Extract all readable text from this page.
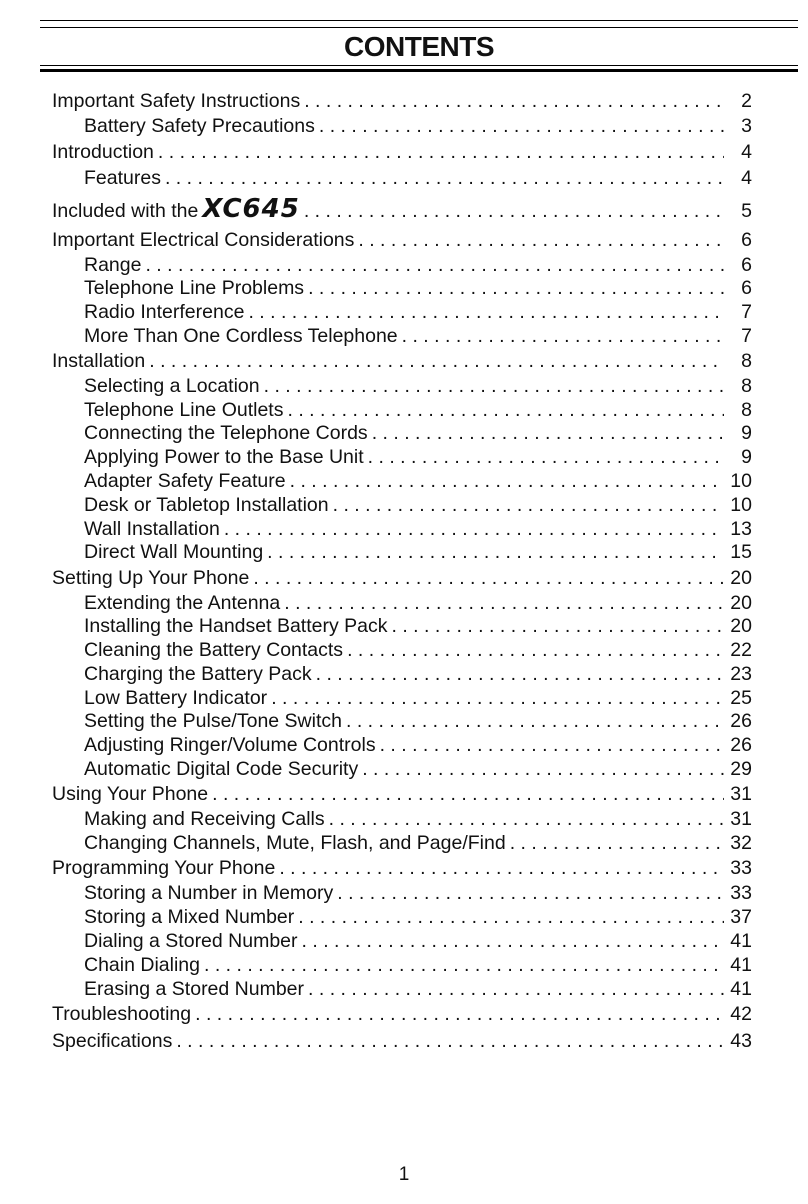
CONTENTS
Important Safety Instructions . . .	2
Battery Safety Precautions . . .	3
Introduction . . .	4
Features . . .	4
Included with the XC645 . . .	5
Important Electrical Considerations . . .	6
Range . . .	6
Telephone Line Problems . . .	6
Radio Interference . . .	7
More Than One Cordless Telephone . . .	7
Installation . . .	8
Selecting a Location . . .	8
Telephone Line Outlets . . .	8
Connecting the Telephone Cords . . .	9
Applying Power to the Base Unit . . .	9
Adapter Safety Feature . . .	10
Desk or Tabletop Installation . . .	10
Wall Installation . . .	13
Direct Wall Mounting . . .	15
Setting Up Your Phone . . .	20
Extending the Antenna . . .	20
Installing the Handset Battery Pack . . .	20
Cleaning the Battery Contacts . . .	22
Charging the Battery Pack . . .	23
Low Battery Indicator . . .	25
Setting the Pulse/Tone Switch . . .	26
Adjusting Ringer/Volume Controls . . .	26
Automatic Digital Code Security . . .	29
Using Your Phone . . .	31
Making and Receiving Calls . . .	31
Changing Channels, Mute, Flash, and Page/Find . . .	32
Programming Your Phone . . .	33
Storing a Number in Memory . . .	33
Storing a Mixed Number . . .	37
Dialing a Stored Number . . .	41
Chain Dialing . . .	41
Erasing a Stored Number . . .	41
Troubleshooting . . .	42
Specifications . . .	43
1
